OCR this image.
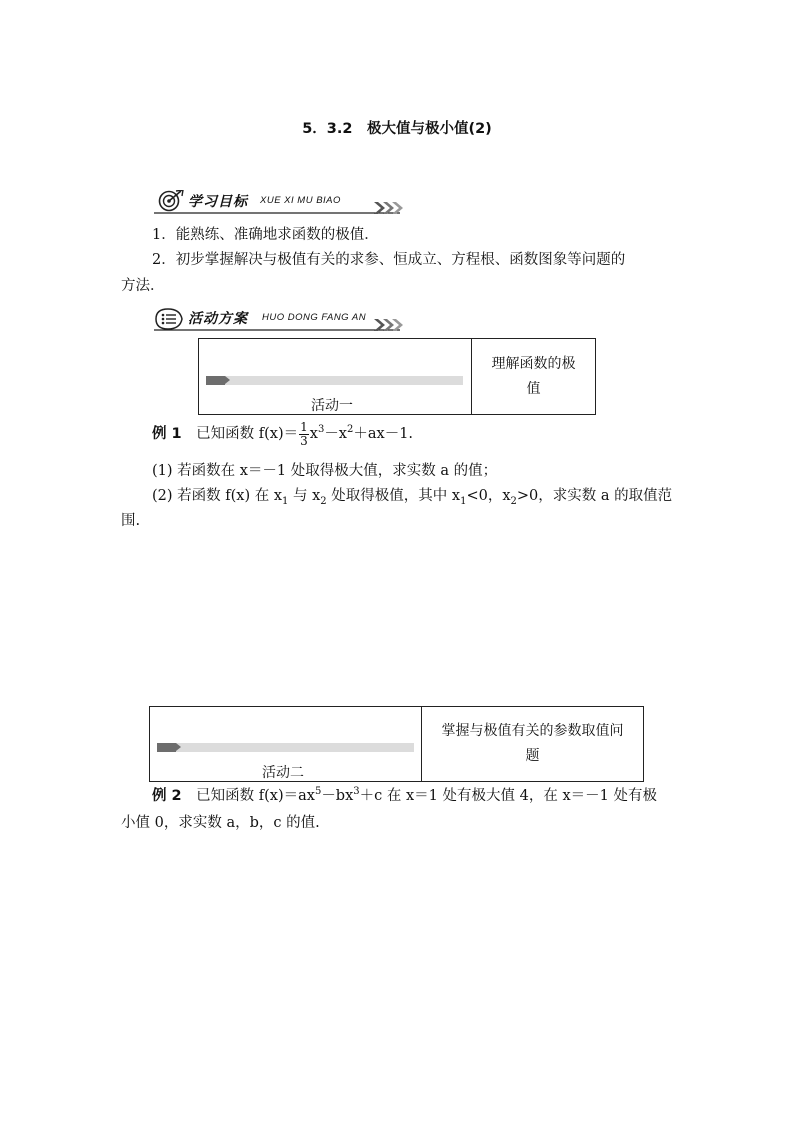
5．3.2　极大值与极小值(2)
学习目标 XUE XI MU BIAO
1．能熟练、准确地求函数的极值．
2．初步掌握解决与极值有关的求参、恒成立、方程根、函数图象等问题的
方法．
活动方案 HUO DONG FANG AN
活动一
理解函数的极
值
例 1  已知函数 $f(x)= \frac{1}{3} x^3-x^2+ax-1$.
(1) 若函数在 x＝－1 处取得极大值，求实数 a 的值；
(2) 若函数 f(x) 在 $x_1$ 与 $x_2$ 处取得极值，其中 $x_1<0$，$x_2>0$，求实数 a 的取值范
围.
活动二
掌握与极值有关的参数取值问
题
例 2  已知函数 $f(x)=ax^5-bx^3+c$ 在 x＝1 处有极大值 4，在 x＝－1 处有极
小值 0，求实数 a，b，c 的值.
